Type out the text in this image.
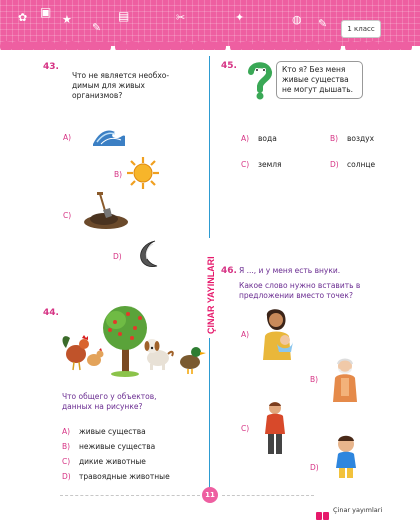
✿ ▣
★
✎
▤	✂	✦	◍ ✎	1 класс

43.
Что не является необхо-димым для живых организмов?
A)
B)
C)
D)
44.
Что общего у объектов, данных на рисунке?
A) живые существа
B) неживые существа
C) дикие животные
D) травоядные животные
ÇINAR YAYINLARI
45.	Кто я? Без меня живые существа не могут дышать.
A) вода	B) воздух
C) земля	D) солнце
46. Я ..., и у меня есть внуки.
Какое слово нужно вставить в предложении вместо точек?
A)
B)
C)
D)
11
Çinar yayımlari
